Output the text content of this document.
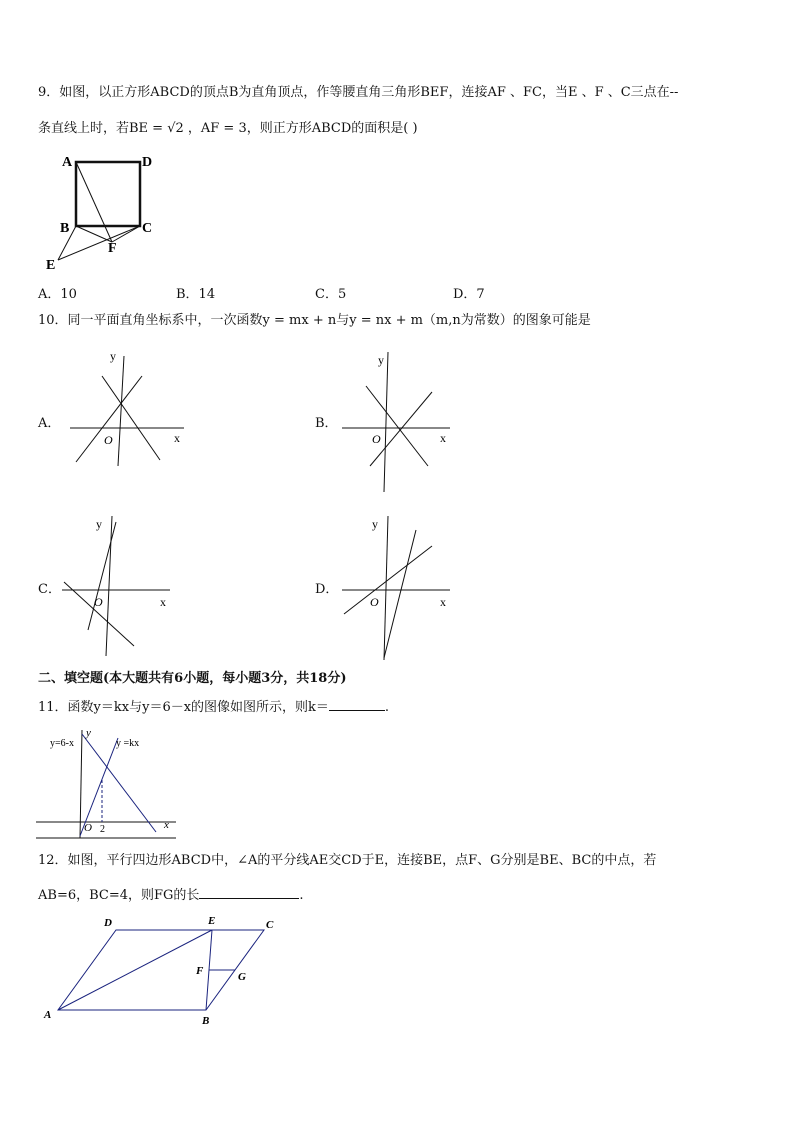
9．如图，以正方形ABCD的顶点B为直角顶点，作等腰直角三角形BEF，连接AF 、FC，当E 、F 、C三点在--
条直线上时，若BE = √2 ，AF = 3，则正方形ABCD的面积是( )
A	D
B	C
F
E
A．10	B．14	C．5	D．7
10．同一平面直角坐标系中，一次函数y = mx + n与y = nx + m（m,n为常数）的图象可能是
A．
y
x
O
B．
y
x
O
C．
y
x
O
D．
y
x
O
二、填空题(本大题共有6小题，每小题3分，共18分)
11．函数y＝kx与y＝6－x的图像如图所示，则k＝	.
y=6-x	y =kx
y
x
O 2
12．如图，平行四边形ABCD中，∠A的平分线AE交CD于E，连接BE，点F、G分别是BE、BC的中点，若
AB=6，BC=4，则FG的长	.
D	E	C
F	G
A	B
